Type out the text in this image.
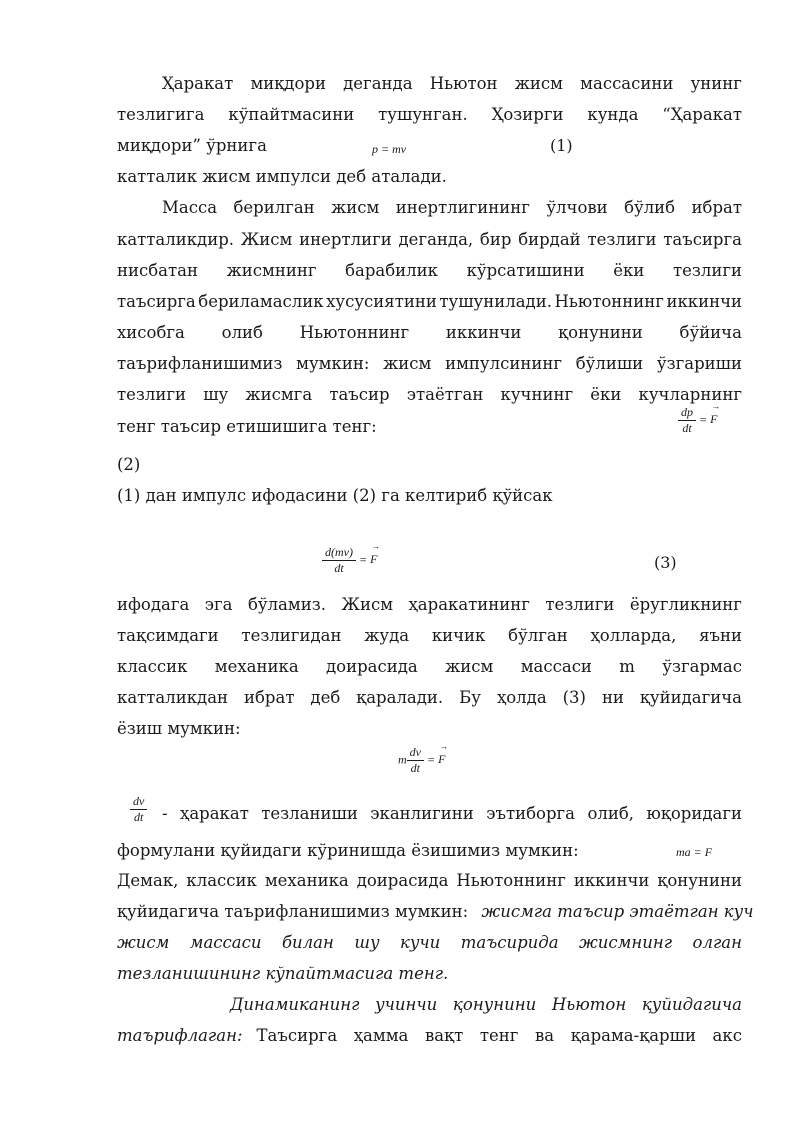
Ҳаракат миқдори деганда Ньютон жисм массасини унинг
тезлигига кўпайтмасини тушунган. Ҳозирги кунда “Ҳаракат
миқдори” ўрнига	p = mv	(1)
катталик жисм импулси деб аталади.
Масса берилган жисм инертлигининг ўлчови бўлиб ибрат
катталикдир. Жисм инертлиги деганда, бир бирдай тезлиги таъсирга
нисбатан жисмнинг барабилик кўрсатишини ёки тезлиги
таъсирга бериламаслик хусусиятини тушунилади. Ньютоннинг иккинчи
хисобга олиб Ньютоннинг иккинчи қонунини бўйича
таърифланишимиз мумкин: жисм импулсининг бўлиши ўзгариши
тезлиги шу жисмга таъсир этаётган кучнинг ёки кучларнинг
тенг таъсир етишишига тенг:	$\frac{dp}{dt}$ = → F
(2)
(1) дан импулс ифодасини (2) га келтириб қўйсак
$\frac{d(mv)}{dt}$ = → F	(3)
ифодага эга бўламиз. Жисм ҳаракатининг тезлиги ёругликнинг
тақсимдаги тезлигидан жуда кичик бўлган ҳолларда, яъни
классик механика доирасида жисм массаси m ўзгармас
катталикдан ибрат деб қаралади. Бу ҳолда (3) ни қуйидагича
ёзиш мумкин:
m $\frac{dv}{dt}$ = → F
$\frac{dv}{dt}$ - ҳаракат тезланиши эканлигини эътиборга олиб, юқоридаги
формулани қуйидаги кўринишда ёзишимиз мумкин:	ma = F
Демак, классик механика доирасида Ньютоннинг иккинчи қонунини
қуйидагича таърифланишимиз мумкин: жисмга таъсир этаётган куч
жисм массаси билан шу кучи таъсирида жисмнинг олган
тезланишининг кўпайтмасига тенг.
Динамиканинг учинчи қонунини Ньютон қуйидагича
таърифлаган: Таъсирга ҳамма вақт тенг ва қарама-қарши акс
